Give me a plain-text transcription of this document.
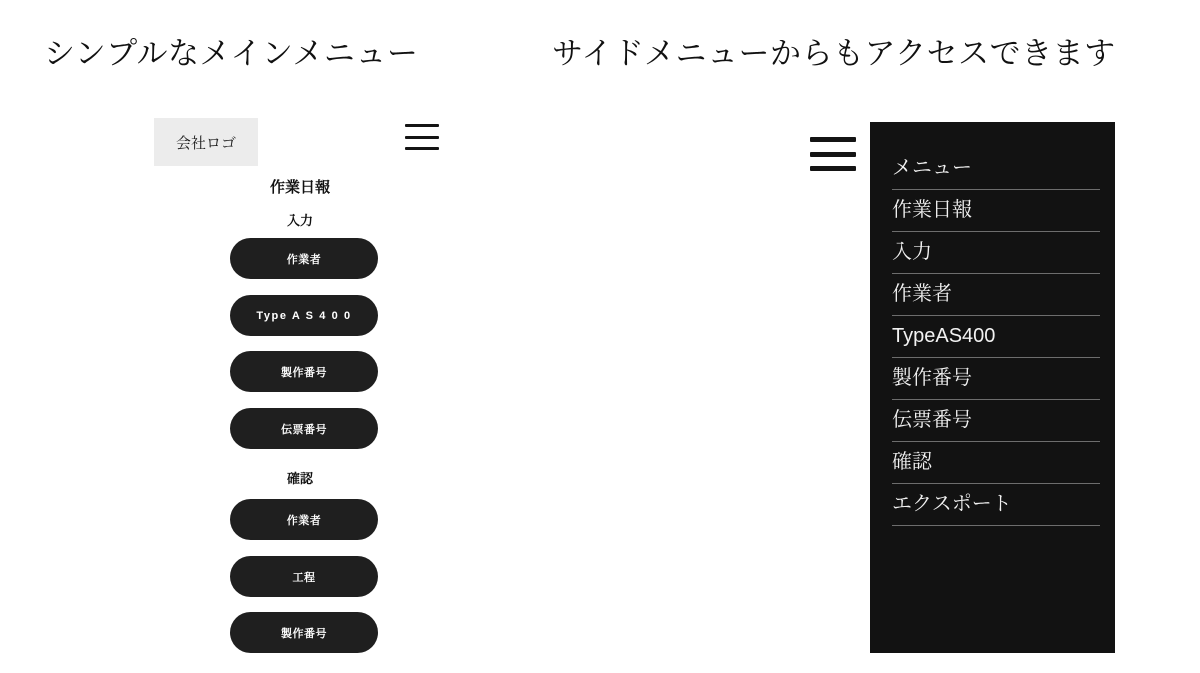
シンプルなメインメニュー	サイドメニューからもアクセスできます
会社ロゴ
作業日報
入力
作業者
Type A S 4 0 0
製作番号
伝票番号
確認
作業者
工程
製作番号
メニュー
作業日報
入力
作業者
TypeAS400
製作番号
伝票番号
確認
エクスポート
